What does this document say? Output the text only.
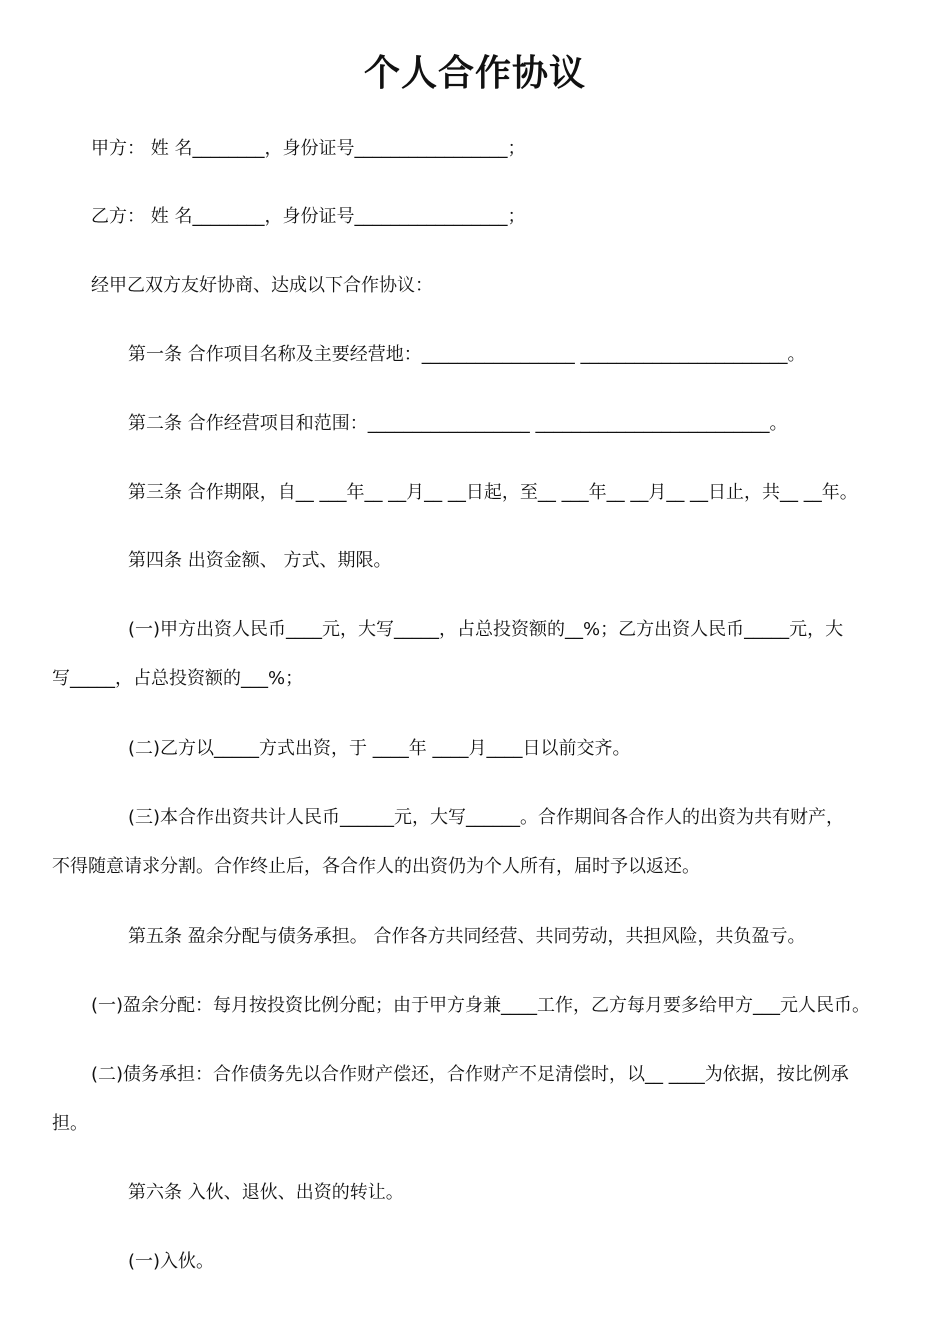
个人合作协议

甲方： 姓 名________，身份证号_________________；

乙方： 姓 名________，身份证号_________________；

经甲乙双方友好协商、达成以下合作协议：

第一条 合作项目名称及主要经营地：_________________ _______________________。

第二条 合作经营项目和范围：__________________ __________________________。

第三条 合作期限，自__ ___年__ __月__ __日起，至__ ___年__ __月__ __日止，共__ __年。

第四条 出资金额、 方式、期限。

(一)甲方出资人民币____元，大写_____，占总投资额的__%；乙方出资人民币_____元，大

写_____，占总投资额的___%；

(二)乙方以_____方式出资，于 ____年 ____月____日以前交齐。

(三)本合作出资共计人民币______元，大写______。合作期间各合作人的出资为共有财产，

不得随意请求分割。合作终止后，各合作人的出资仍为个人所有，届时予以返还。

第五条 盈余分配与债务承担。 合作各方共同经营、共同劳动，共担风险，共负盈亏。

(一)盈余分配：每月按投资比例分配；由于甲方身兼____工作，乙方每月要多给甲方___元人民币。

(二)债务承担：合作债务先以合作财产偿还，合作财产不足清偿时，以__ ____为依据，按比例承

担。

第六条 入伙、退伙、出资的转让。

(一)入伙。
